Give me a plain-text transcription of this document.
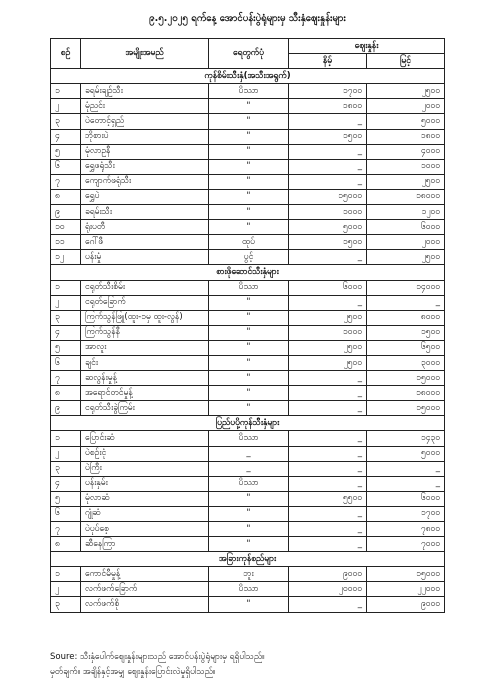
၉.၅.၂၀၂၅ ရက်နေ့ အောင်ပန်းပွဲရုံများမှ သီးနှံဈေးနှုန်းများ
စဉ်	အမျိုးအမည်	ရေတွက်ပုံ	ဈေးနှုန်း	
			နိမ့်	မြင့်
ကုန်စိမ်းသီးနှံ(အသီးအရွက်)				
၁	ခရမ်းချဉ်သီး	ပိဿာ	၁၇၀၀	၂၅၀၀
၂	မုံညင်း	"	၁၈၀၀	၂၀၀၀
၃	ပဲတောင့်ရှည်	"	_	၅၀၀၀
၄	ဘိုစားပဲ	"	၁၅၀၀	၁၈၀၀
၅	မုံလာဥနီ	"	_	၄၀၀၀
၆	ရွှေဖရုံသီး	"	_	၁၀၀၀
၇	ကျောက်ဖရုံသီး	"	_	၂၅၀၀
၈	ရွှေပဲ	"	၁၅၀၀၀	၁၈၀၀၀
၉	ခရမ်းသီး	"	၁၀၀၀	၁၂၀၀
၁၀	ရုံးပတီ	"	၅၀၀၀	၆၀၀၀
၁၁	ဂေါ်ဖီ	ထုပ်	၁၅၀၀	၂၀၀၀
၁၂	ပန်းမှုံ	ပွင့်	_	၂၅၀၀
စားဖိုဆောင်သီးနှံများ				
၁	ငရုတ်သီးစိမ်း	ပိဿာ	၆၀၀၀	၁၄၀၀၀
၂	ငရုတ်ခြောက်	"	_	_
၃	ကြက်သွန်ဖြူ(ထူး-၁မှ ထူး-လွန်)	"	၂၅၀၀	၈၀၀၀
၄	ကြက်သွန်နီ	"	၁၀၀၀	၁၅၀၀
၅	အာလူး	"	၂၅၀၀	၆၅၀၀
၆	ချင်း	"	၂၅၀၀	၃၀၀၀
၇	ဆလွန်းမှုန့်	"	_	၁၅၀၀၀
၈	အရောင်တင်မှုန့်	"	_	၁၈၀၀၀
၉	ငရုတ်သီးခွဲကြမ်း	"	_	၁၅၀၀၀
ပြည်ပပို့ကုန်သီးနှံများ				
၁	ပြောင်းဆံ	ပိဿာ	_	၁၄၃၀
၂	ပဲစဉ်းငုံ	_	_	၅၀၀၀
၃	ပဲကြီး	_	_	_
၄	ပန်းနှမ်း	ပိဿာ	_	_
၅	မုံလာဆံ	"	၅၅၀၀	၆၀၀၀
၆	ဂျုံဆံ	"	_	၁၇၀၀
၇	ပဲပုပ်စေ့	"	_	၇၈၀၀
၈	ဆီနေကြာ	"	_	၇၀၀၀
အခြားကုန်စည်များ				
၁	ကောင်မီမှုန့်	ဘူး	၉၀၀၀	၁၅၀၀၀
၂	လက်ဖက်ခြောက်	ပိဿာ	၂၀၀၀၀	၂၂၀၀၀
၃	လက်ဖက်စို	"	_	၉၀၀၀
Soure: သီးနှံပေါက်ဈေးနှုန်းများသည် အောင်ပန်းပွဲရုံများမှ ရရှိပါသည်။
မှတ်ချက်။ အချိန်နှင့်အမျှ ဈေးနှုန်းပြောင်းလဲမှုရှိပါသည်။
